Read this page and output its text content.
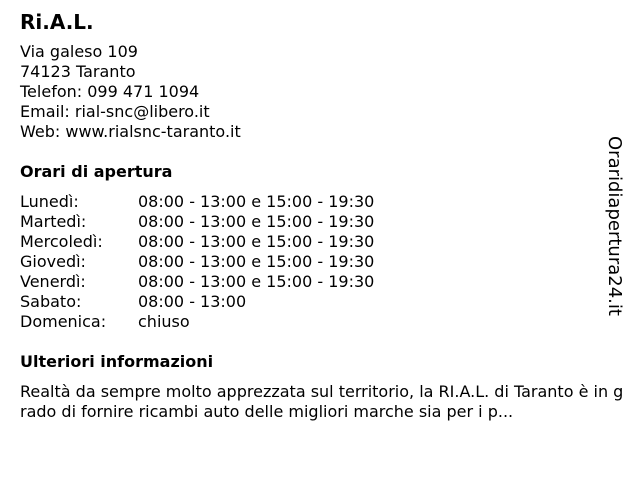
Ri.A.L.
Via galeso 109
74123 Taranto
Telefon: 099 471 1094
Email: rial-snc@libero.it
Web: www.rialsnc-taranto.it
Orari di apertura
Lunedì:	08:00 - 13:00 e 15:00 - 19:30
Martedì:	08:00 - 13:00 e 15:00 - 19:30
Mercoledì:	08:00 - 13:00 e 15:00 - 19:30
Giovedì:	08:00 - 13:00 e 15:00 - 19:30
Venerdì:	08:00 - 13:00 e 15:00 - 19:30
Sabato:	08:00 - 13:00
Domenica:	chiuso
Ulteriori informazioni
Realtà da sempre molto apprezzata sul territorio, la RI.A.L. di Taranto è in grado di fornire ricambi auto delle migliori marche sia per i p...
Oraridiapertura24.it
